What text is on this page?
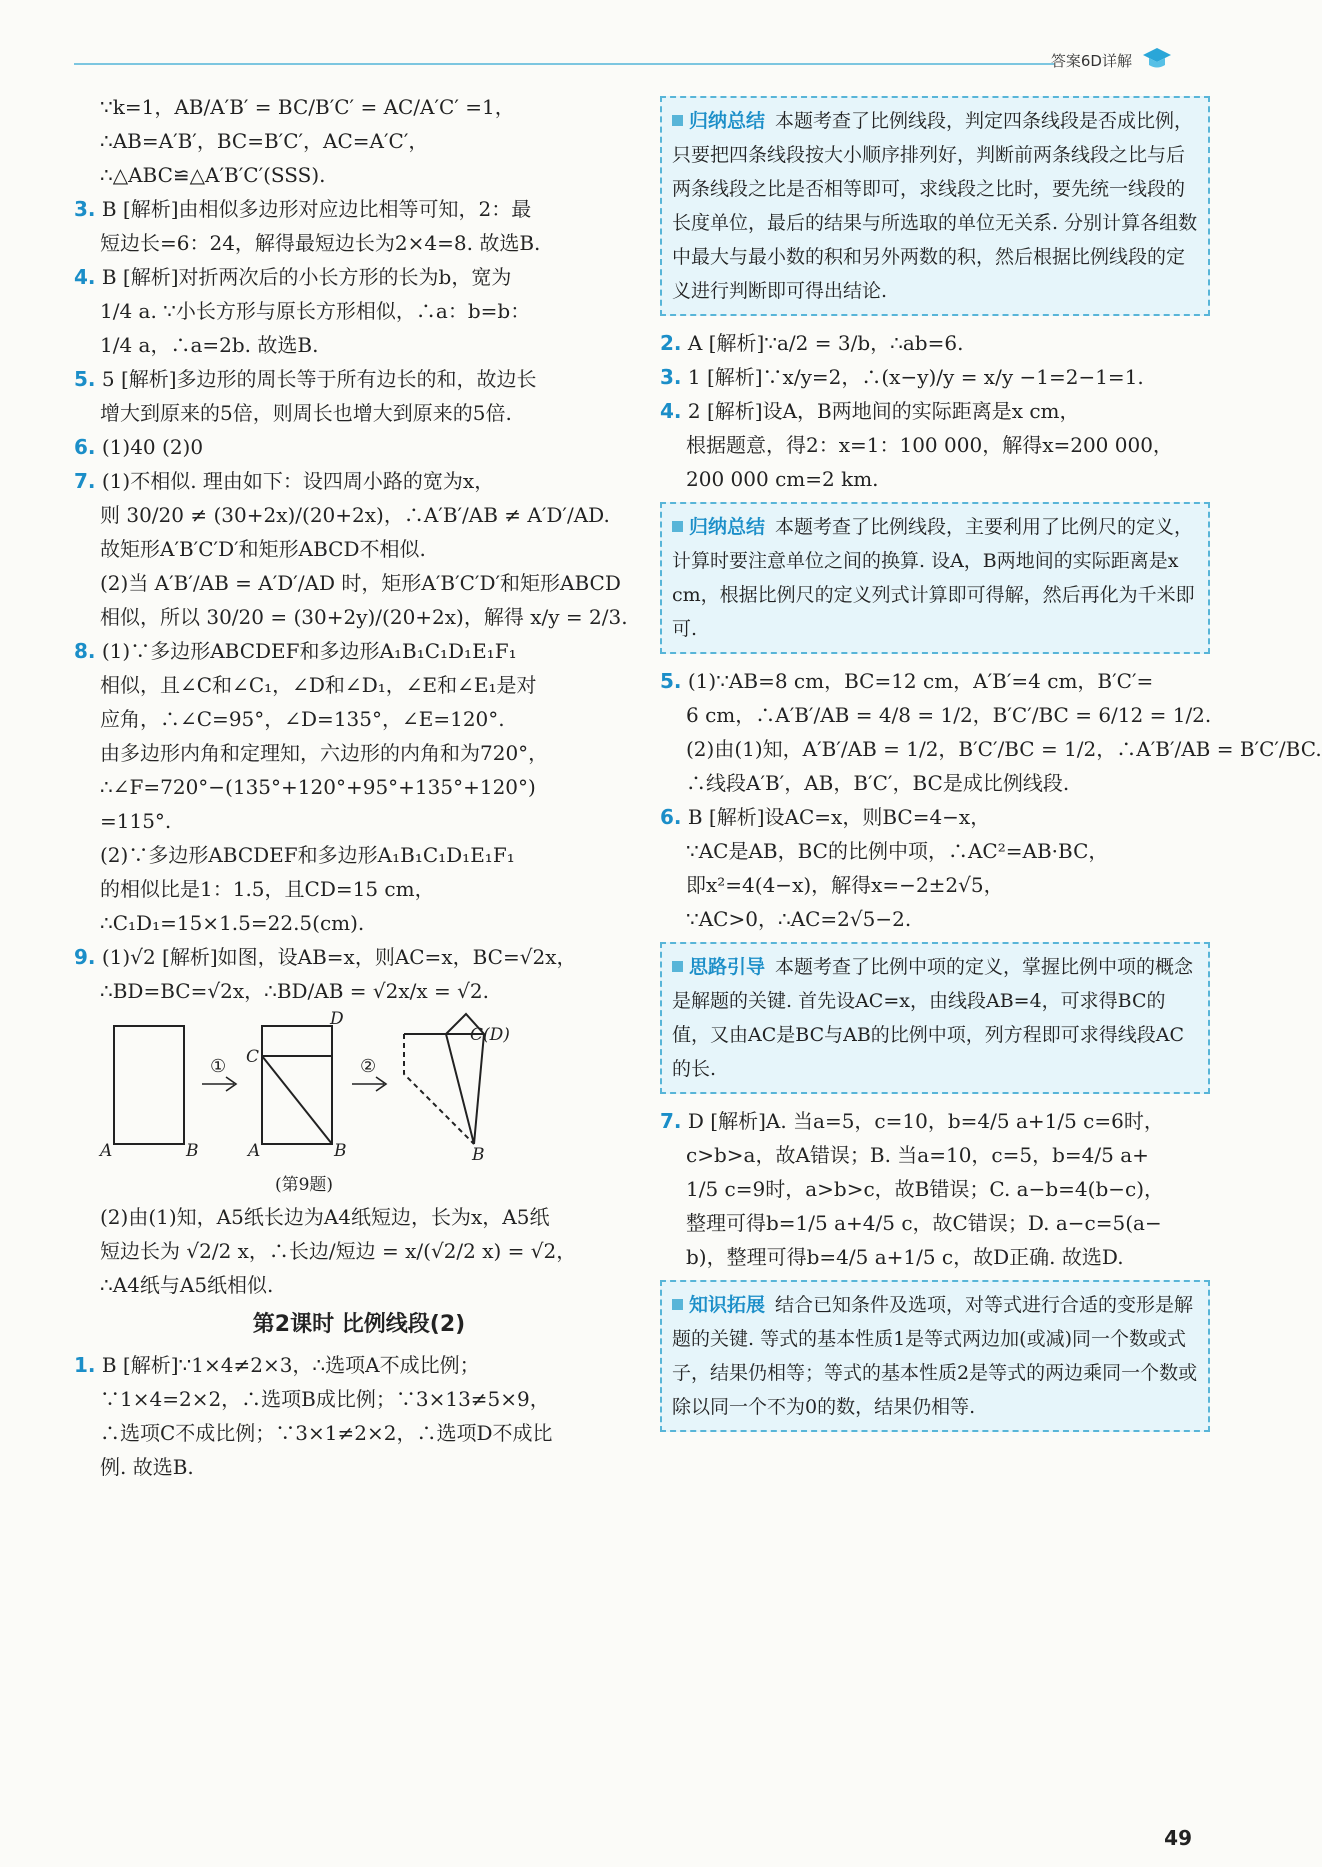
答案6D详解
∵k=1，AB/A′B′ = BC/B′C′ = AC/A′C′ =1，
∴AB=A′B′，BC=B′C′，AC=A′C′，
∴△ABC≌△A′B′C′(SSS).
3. B [解析]由相似多边形对应边比相等可知，2：最
短边长=6：24，解得最短边长为2×4=8. 故选B.
4. B [解析]对折两次后的小长方形的长为b，宽为
1/4 a. ∵小长方形与原长方形相似，∴a：b=b：
1/4 a，∴a=2b. 故选B.
5. 5 [解析]多边形的周长等于所有边长的和，故边长
增大到原来的5倍，则周长也增大到原来的5倍.
6. (1)40 (2)0
7. (1)不相似. 理由如下：设四周小路的宽为x，
则 30/20 ≠ (30+2x)/(20+2x)，∴A′B′/AB ≠ A′D′/AD.
故矩形A′B′C′D′和矩形ABCD不相似.
(2)当 A′B′/AB = A′D′/AD 时，矩形A′B′C′D′和矩形ABCD
相似，所以 30/20 = (30+2y)/(20+2x)，解得 x/y = 2/3.
8. (1)∵多边形ABCDEF和多边形A₁B₁C₁D₁E₁F₁
相似，且∠C和∠C₁，∠D和∠D₁，∠E和∠E₁是对
应角，∴∠C=95°，∠D=135°，∠E=120°.
由多边形内角和定理知，六边形的内角和为720°，
∴∠F=720°−(135°+120°+95°+135°+120°)
=115°.
(2)∵多边形ABCDEF和多边形A₁B₁C₁D₁E₁F₁
的相似比是1：1.5，且CD=15 cm，
∴C₁D₁=15×1.5=22.5(cm).
9. (1)√2 [解析]如图，设AB=x，则AC=x，BC=√2x，
∴BD=BC=√2x，∴BD/AB = √2x/x = √2.
A	B
C
D
A	B
C(D)
B
①	②
(第9题)
(2)由(1)知，A5纸长边为A4纸短边，长为x，A5纸
短边长为 √2/2 x，∴长边/短边 = x/(√2/2 x) = √2，
∴A4纸与A5纸相似.
第2课时 比例线段(2)
1. B [解析]∵1×4≠2×3，∴选项A不成比例；
∵1×4=2×2，∴选项B成比例；∵3×13≠5×9，
∴选项C不成比例；∵3×1≠2×2，∴选项D不成比
例. 故选B.
归纳总结 本题考查了比例线段，判定四条线段是否成比例，只要把四条线段按大小顺序排列好，判断前两条线段之比与后两条线段之比是否相等即可，求线段之比时，要先统一线段的长度单位，最后的结果与所选取的单位无关系. 分别计算各组数中最大与最小数的积和另外两数的积，然后根据比例线段的定义进行判断即可得出结论.
2. A [解析]∵a/2 = 3/b，∴ab=6.
3. 1 [解析]∵x/y=2，∴(x−y)/y = x/y −1=2−1=1.
4. 2 [解析]设A，B两地间的实际距离是x cm，
根据题意，得2：x=1：100 000，解得x=200 000，
200 000 cm=2 km.
归纳总结 本题考查了比例线段，主要利用了比例尺的定义，计算时要注意单位之间的换算. 设A，B两地间的实际距离是x cm，根据比例尺的定义列式计算即可得解，然后再化为千米即可.
5. (1)∵AB=8 cm，BC=12 cm，A′B′=4 cm，B′C′=
6 cm，∴A′B′/AB = 4/8 = 1/2，B′C′/BC = 6/12 = 1/2.
(2)由(1)知，A′B′/AB = 1/2，B′C′/BC = 1/2，∴A′B′/AB = B′C′/BC.
∴线段A′B′，AB，B′C′，BC是成比例线段.
6. B [解析]设AC=x，则BC=4−x，
∵AC是AB，BC的比例中项，∴AC²=AB·BC，
即x²=4(4−x)，解得x=−2±2√5，
∵AC>0，∴AC=2√5−2.
思路引导 本题考查了比例中项的定义，掌握比例中项的概念是解题的关键. 首先设AC=x，由线段AB=4，可求得BC的值，又由AC是BC与AB的比例中项，列方程即可求得线段AC的长.
7. D [解析]A. 当a=5，c=10，b=4/5 a+1/5 c=6时，
c>b>a，故A错误；B. 当a=10，c=5，b=4/5 a+
1/5 c=9时，a>b>c，故B错误；C. a−b=4(b−c)，
整理可得b=1/5 a+4/5 c，故C错误；D. a−c=5(a−
b)，整理可得b=4/5 a+1/5 c，故D正确. 故选D.
知识拓展 结合已知条件及选项，对等式进行合适的变形是解题的关键. 等式的基本性质1是等式两边加(或减)同一个数或式子，结果仍相等；等式的基本性质2是等式的两边乘同一个数或除以同一个不为0的数，结果仍相等.
49
